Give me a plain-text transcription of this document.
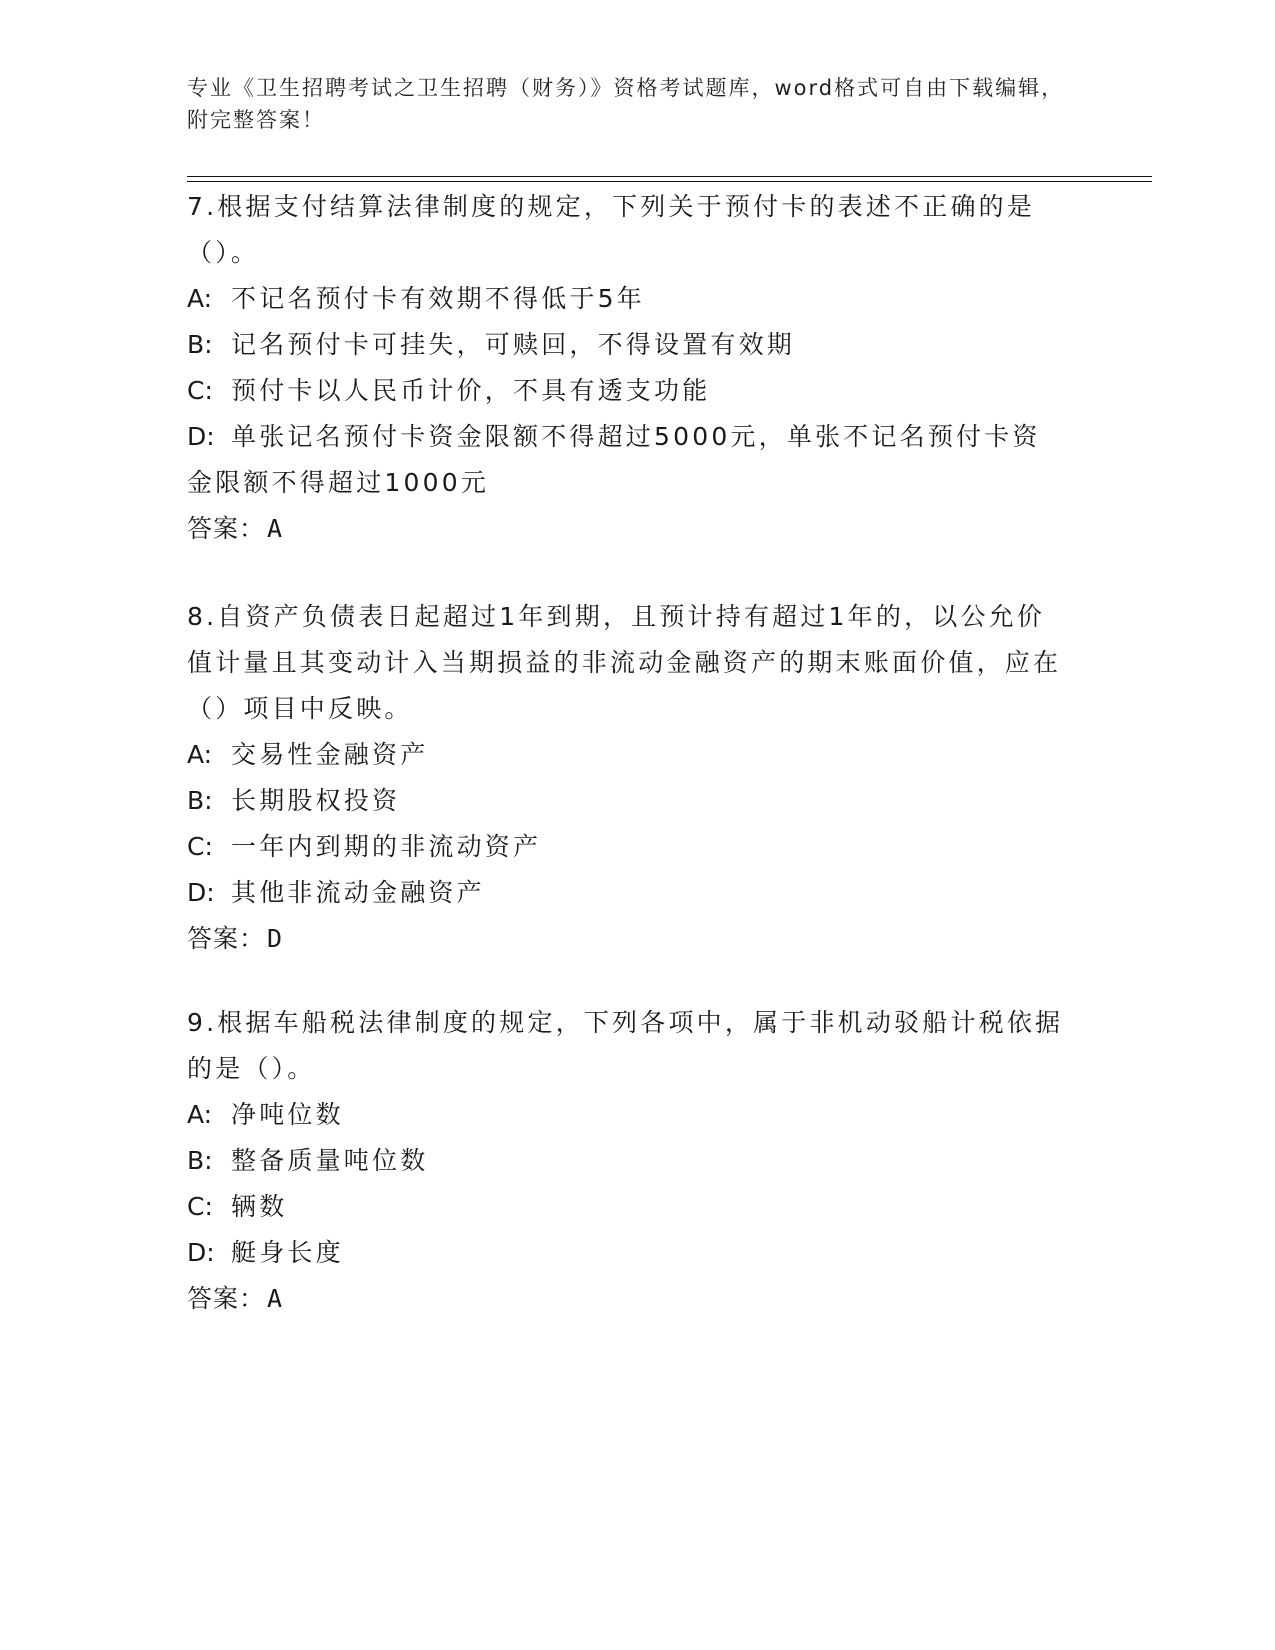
专业《卫生招聘考试之卫生招聘（财务）》资格考试题库，word格式可自由下载编辑，附完整答案！

7.根据支付结算法律制度的规定，下列关于预付卡的表述不正确的是（）。

A: 不记名预付卡有效期不得低于5年

B: 记名预付卡可挂失，可赎回，不得设置有效期

C: 预付卡以人民币计价，不具有透支功能

D: 单张记名预付卡资金限额不得超过5000元，单张不记名预付卡资金限额不得超过1000元

答案：A

8.自资产负债表日起超过1年到期，且预计持有超过1年的，以公允价值计量且其变动计入当期损益的非流动金融资产的期末账面价值，应在（）项目中反映。

A: 交易性金融资产

B: 长期股权投资

C: 一年内到期的非流动资产

D: 其他非流动金融资产

答案：D

9.根据车船税法律制度的规定，下列各项中，属于非机动驳船计税依据的是（）。

A: 净吨位数

B: 整备质量吨位数

C: 辆数

D: 艇身长度

答案：A
